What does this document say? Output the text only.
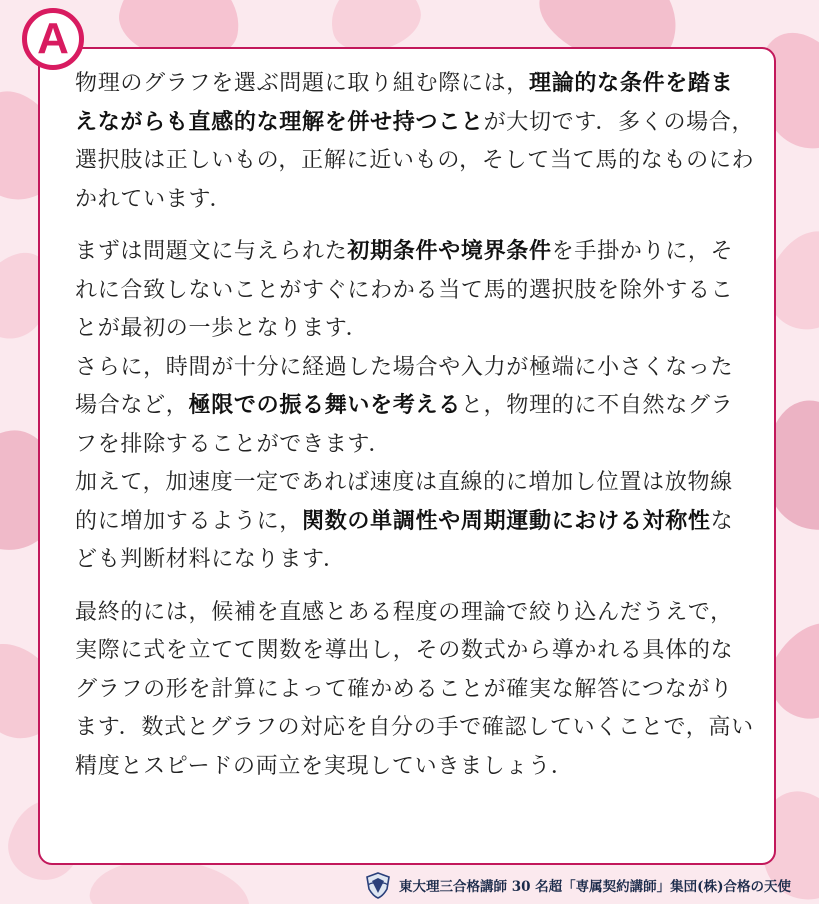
A

物理のグラフを選ぶ問題に取り組む際には，理論的な条件を踏まえながらも直感的な理解を併せ持つことが大切です．多くの場合，選択肢は正しいもの，正解に近いもの，そして当て馬的なものにわかれています．

まずは問題文に与えられた初期条件や境界条件を手掛かりに，それに合致しないことがすぐにわかる当て馬的選択肢を除外することが最初の一歩となります．

さらに，時間が十分に経過した場合や入力が極端に小さくなった場合など，極限での振る舞いを考えると，物理的に不自然なグラフを排除することができます．

加えて，加速度一定であれば速度は直線的に増加し位置は放物線的に増加するように，関数の単調性や周期運動における対称性なども判断材料になります．

最終的には，候補を直感とある程度の理論で絞り込んだうえで，実際に式を立てて関数を導出し，その数式から導かれる具体的なグラフの形を計算によって確かめることが確実な解答につながります．数式とグラフの対応を自分の手で確認していくことで，高い精度とスピードの両立を実現していきましょう．

東大理三合格講師 30 名超「専属契約講師」集団(株)合格の天使
